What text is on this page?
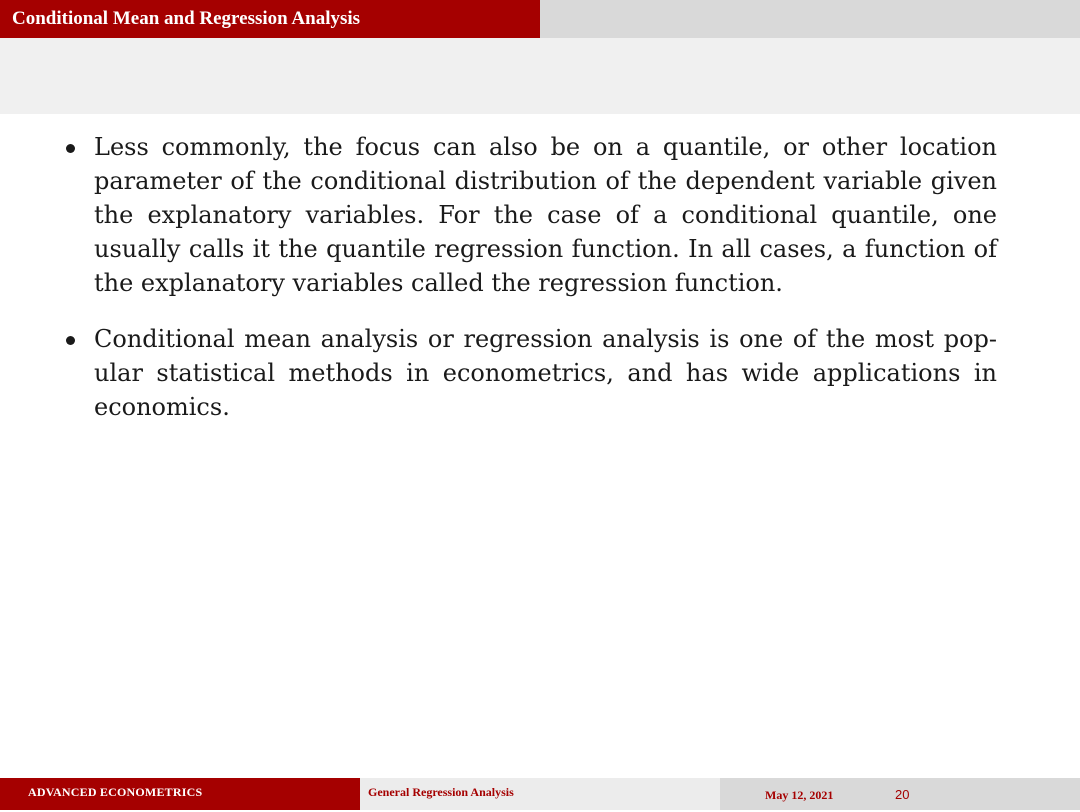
Conditional Mean and Regression Analysis
Less commonly, the focus can also be on a quantile, or other location parameter of the conditional distribution of the dependent variable given the explanatory variables. For the case of a conditional quantile, one usually calls it the quantile regression function. In all cases, a function of the explanatory variables called the regression function.
Conditional mean analysis or regression analysis is one of the most popular statistical methods in econometrics, and has wide applications in economics.
ADVANCED ECONOMETRICS	General Regression Analysis	May 12, 2021	20
